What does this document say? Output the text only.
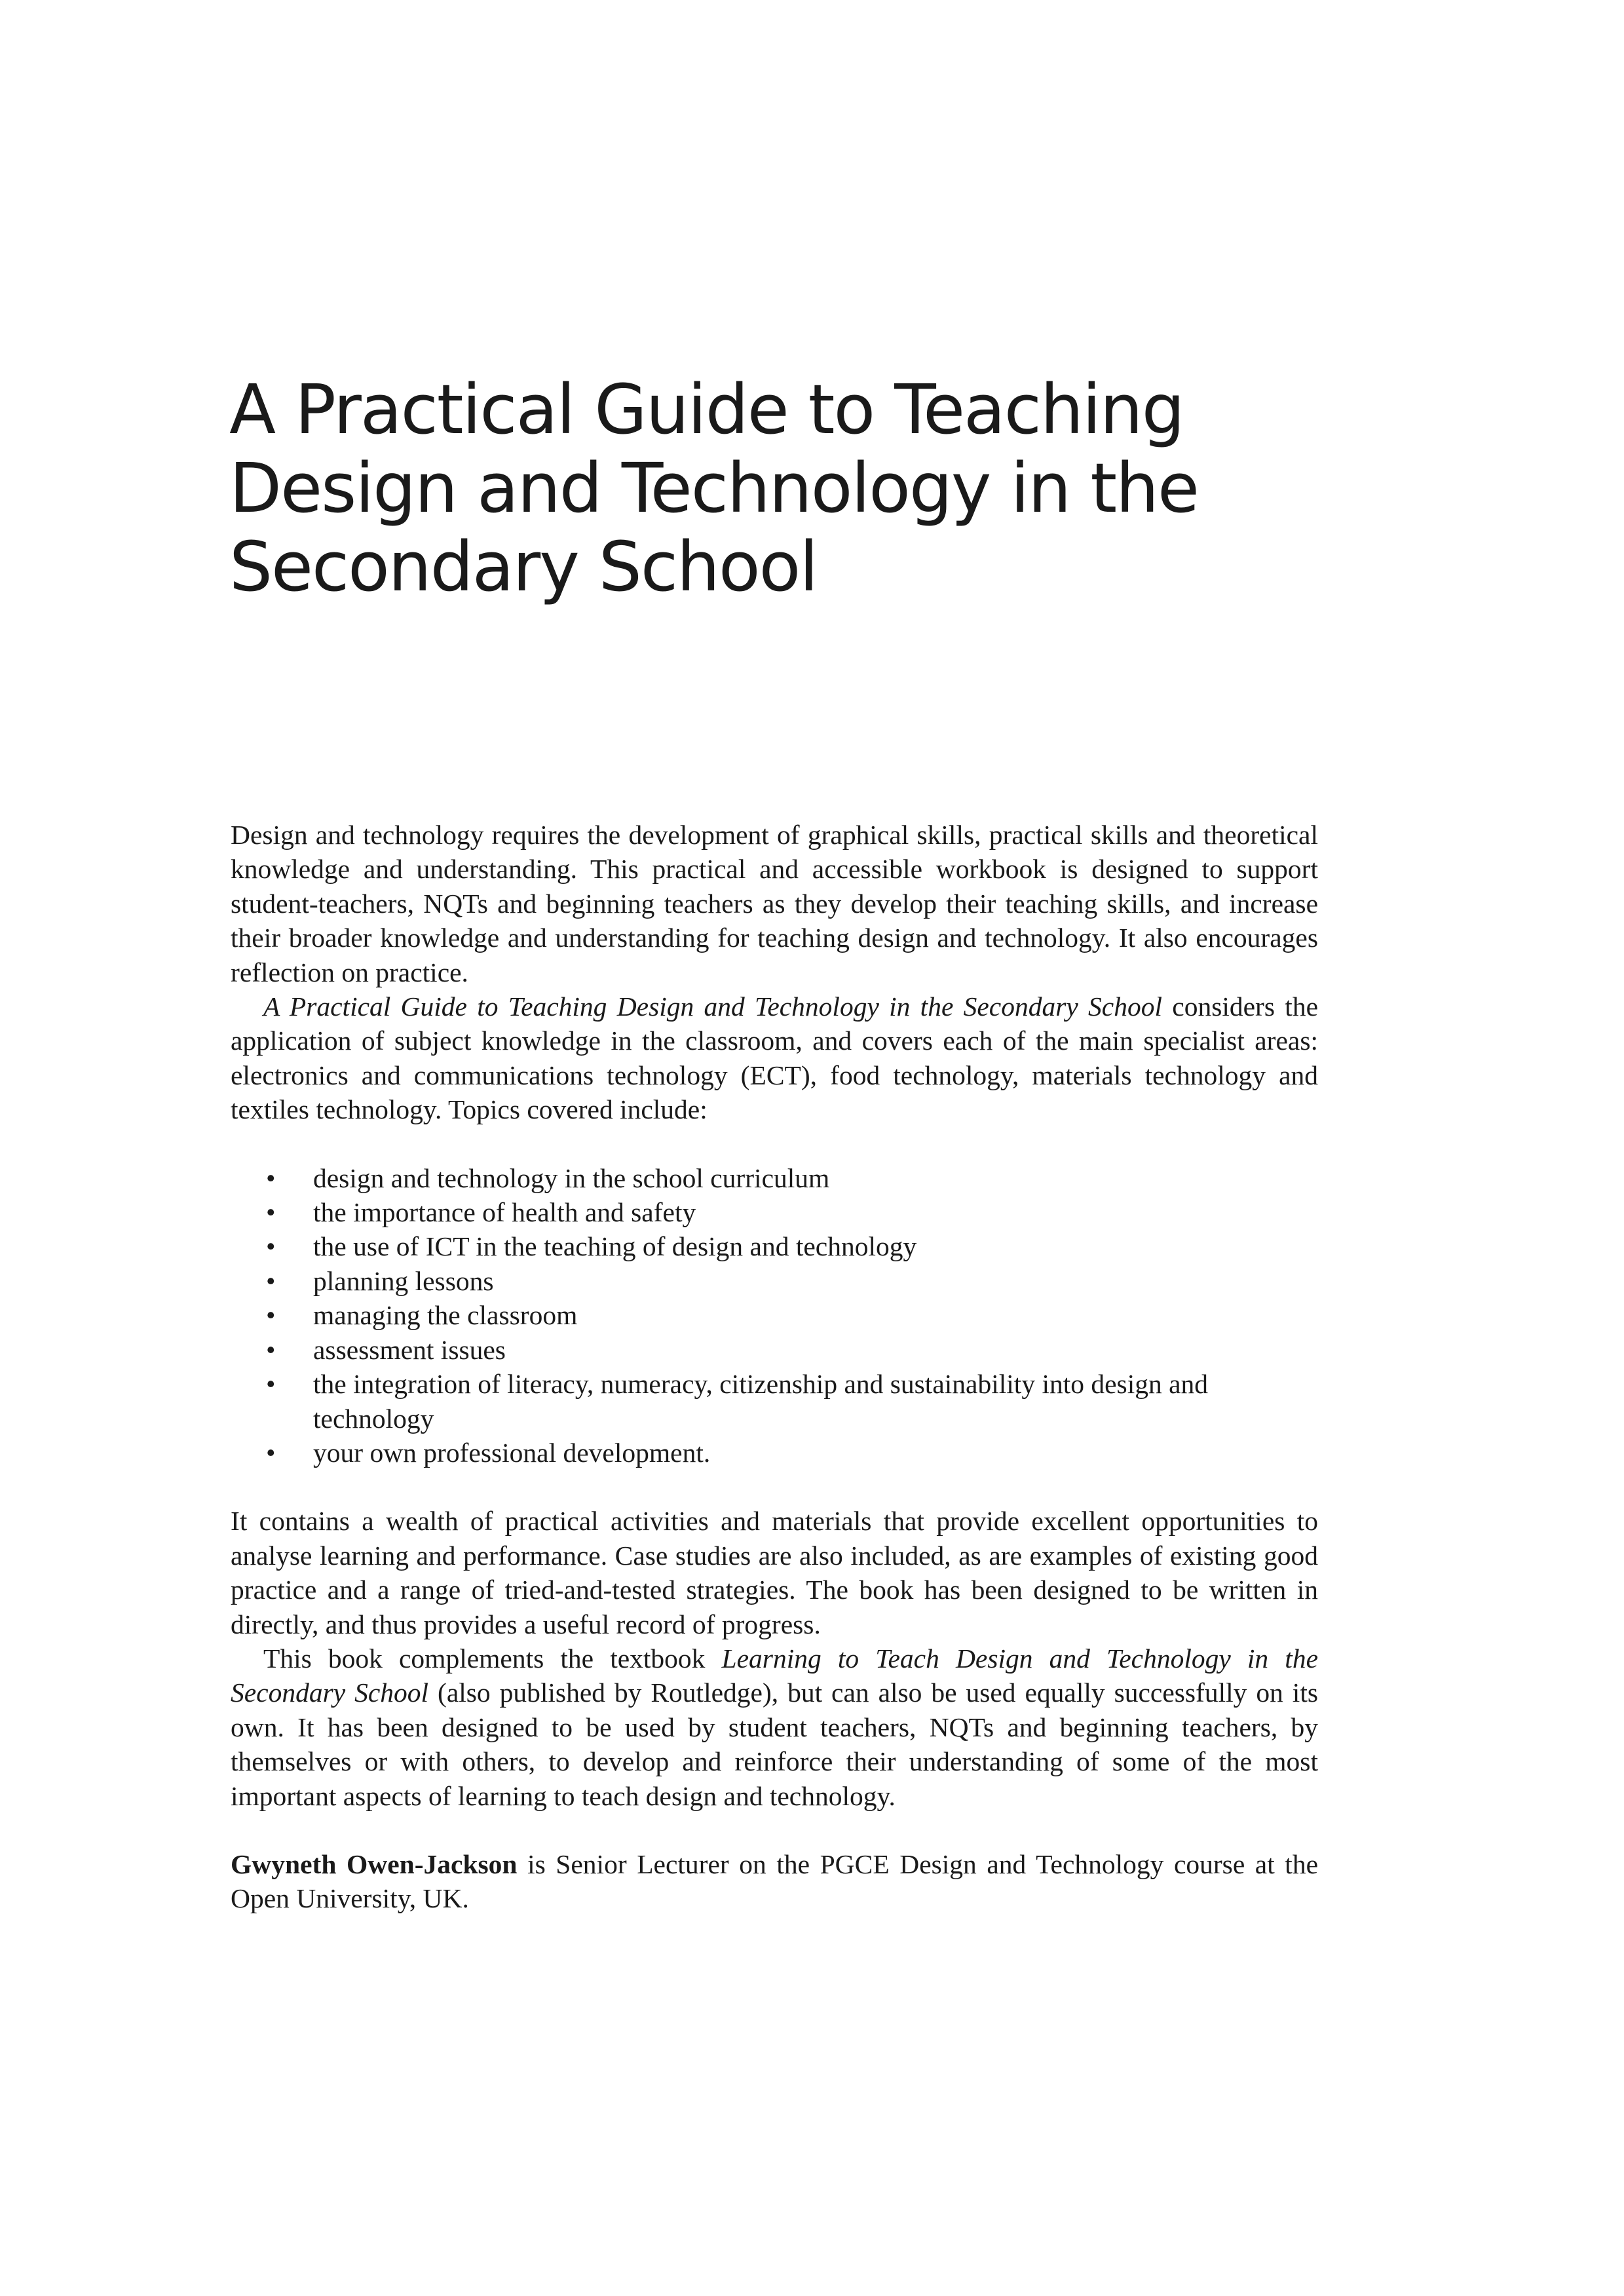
A Practical Guide to Teaching
Design and Technology in the
Secondary School

Design and technology requires the development of graphical skills, practical skills and theoretical knowledge and understanding. This practical and accessible workbook is designed to support student-teachers, NQTs and beginning teachers as they develop their teaching skills, and increase their broader knowledge and understanding for teaching design and technology. It also encourages reflection on practice.

A Practical Guide to Teaching Design and Technology in the Secondary School considers the application of subject knowledge in the classroom, and covers each of the main specialist areas: electronics and communications technology (ECT), food technology, materials technology and textiles technology. Topics covered include:

• design and technology in the school curriculum
• the importance of health and safety
• the use of ICT in the teaching of design and technology
• planning lessons
• managing the classroom
• assessment issues
• the integration of literacy, numeracy, citizenship and sustainability into design and technology
• your own professional development.

It contains a wealth of practical activities and materials that provide excellent opportunities to analyse learning and performance. Case studies are also included, as are examples of existing good practice and a range of tried-and-tested strategies. The book has been designed to be written in directly, and thus provides a useful record of progress.

This book complements the textbook Learning to Teach Design and Technology in the Secondary School (also published by Routledge), but can also be used equally successfully on its own. It has been designed to be used by student teachers, NQTs and beginning teachers, by themselves or with others, to develop and reinforce their understanding of some of the most important aspects of learning to teach design and technology.

Gwyneth Owen-Jackson is Senior Lecturer on the PGCE Design and Technology course at the Open University, UK.
